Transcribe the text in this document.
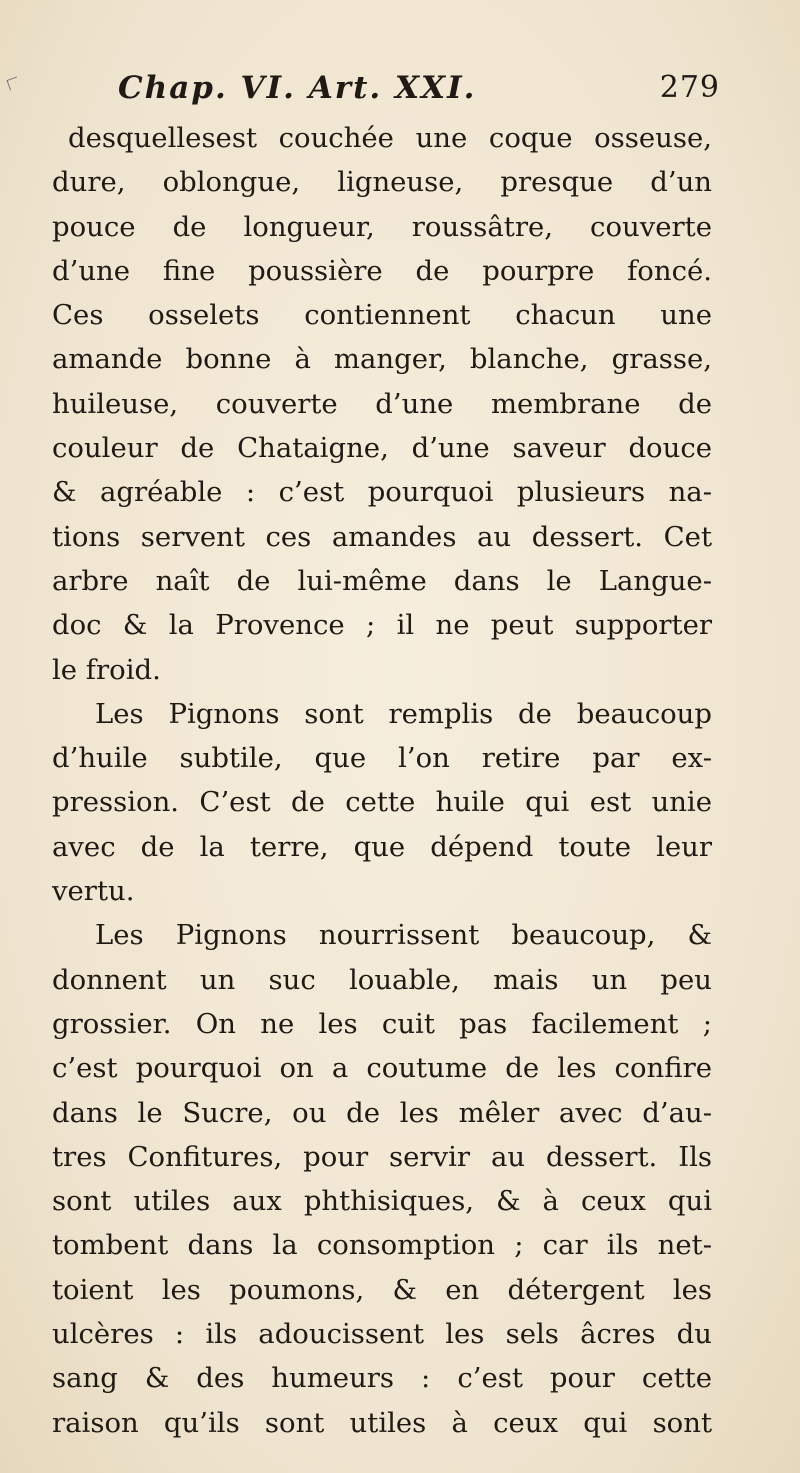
Chap. VI. Art. XXI.	279
desquellesest couchée une coque osseuse,
dure, oblongue, ligneuse, presque d’un
pouce de longueur, roussâtre, couverte
d’une fine poussière de pourpre foncé.
Ces osselets contiennent chacun une
amande bonne à manger, blanche, grasse,
huileuse, couverte d’une membrane de
couleur de Chataigne, d’une saveur douce
& agréable : c’est pourquoi plusieurs na-
tions servent ces amandes au dessert. Cet
arbre naît de lui-même dans le Langue-
doc & la Provence ; il ne peut supporter
le froid.
Les Pignons sont remplis de beaucoup
d’huile subtile, que l’on retire par ex-
pression. C’est de cette huile qui est unie
avec de la terre, que dépend toute leur
vertu.
Les Pignons nourrissent beaucoup, &
donnent un suc louable, mais un peu
grossier. On ne les cuit pas facilement ;
c’est pourquoi on a coutume de les confire
dans le Sucre, ou de les mêler avec d’au-
tres Confitures, pour servir au dessert. Ils
sont utiles aux phthisiques, & à ceux qui
tombent dans la consomption ; car ils net-
toient les poumons, & en détergent les
ulcères : ils adoucissent les sels âcres du
sang & des humeurs : c’est pour cette
raison qu’ils sont utiles à ceux qui sont
